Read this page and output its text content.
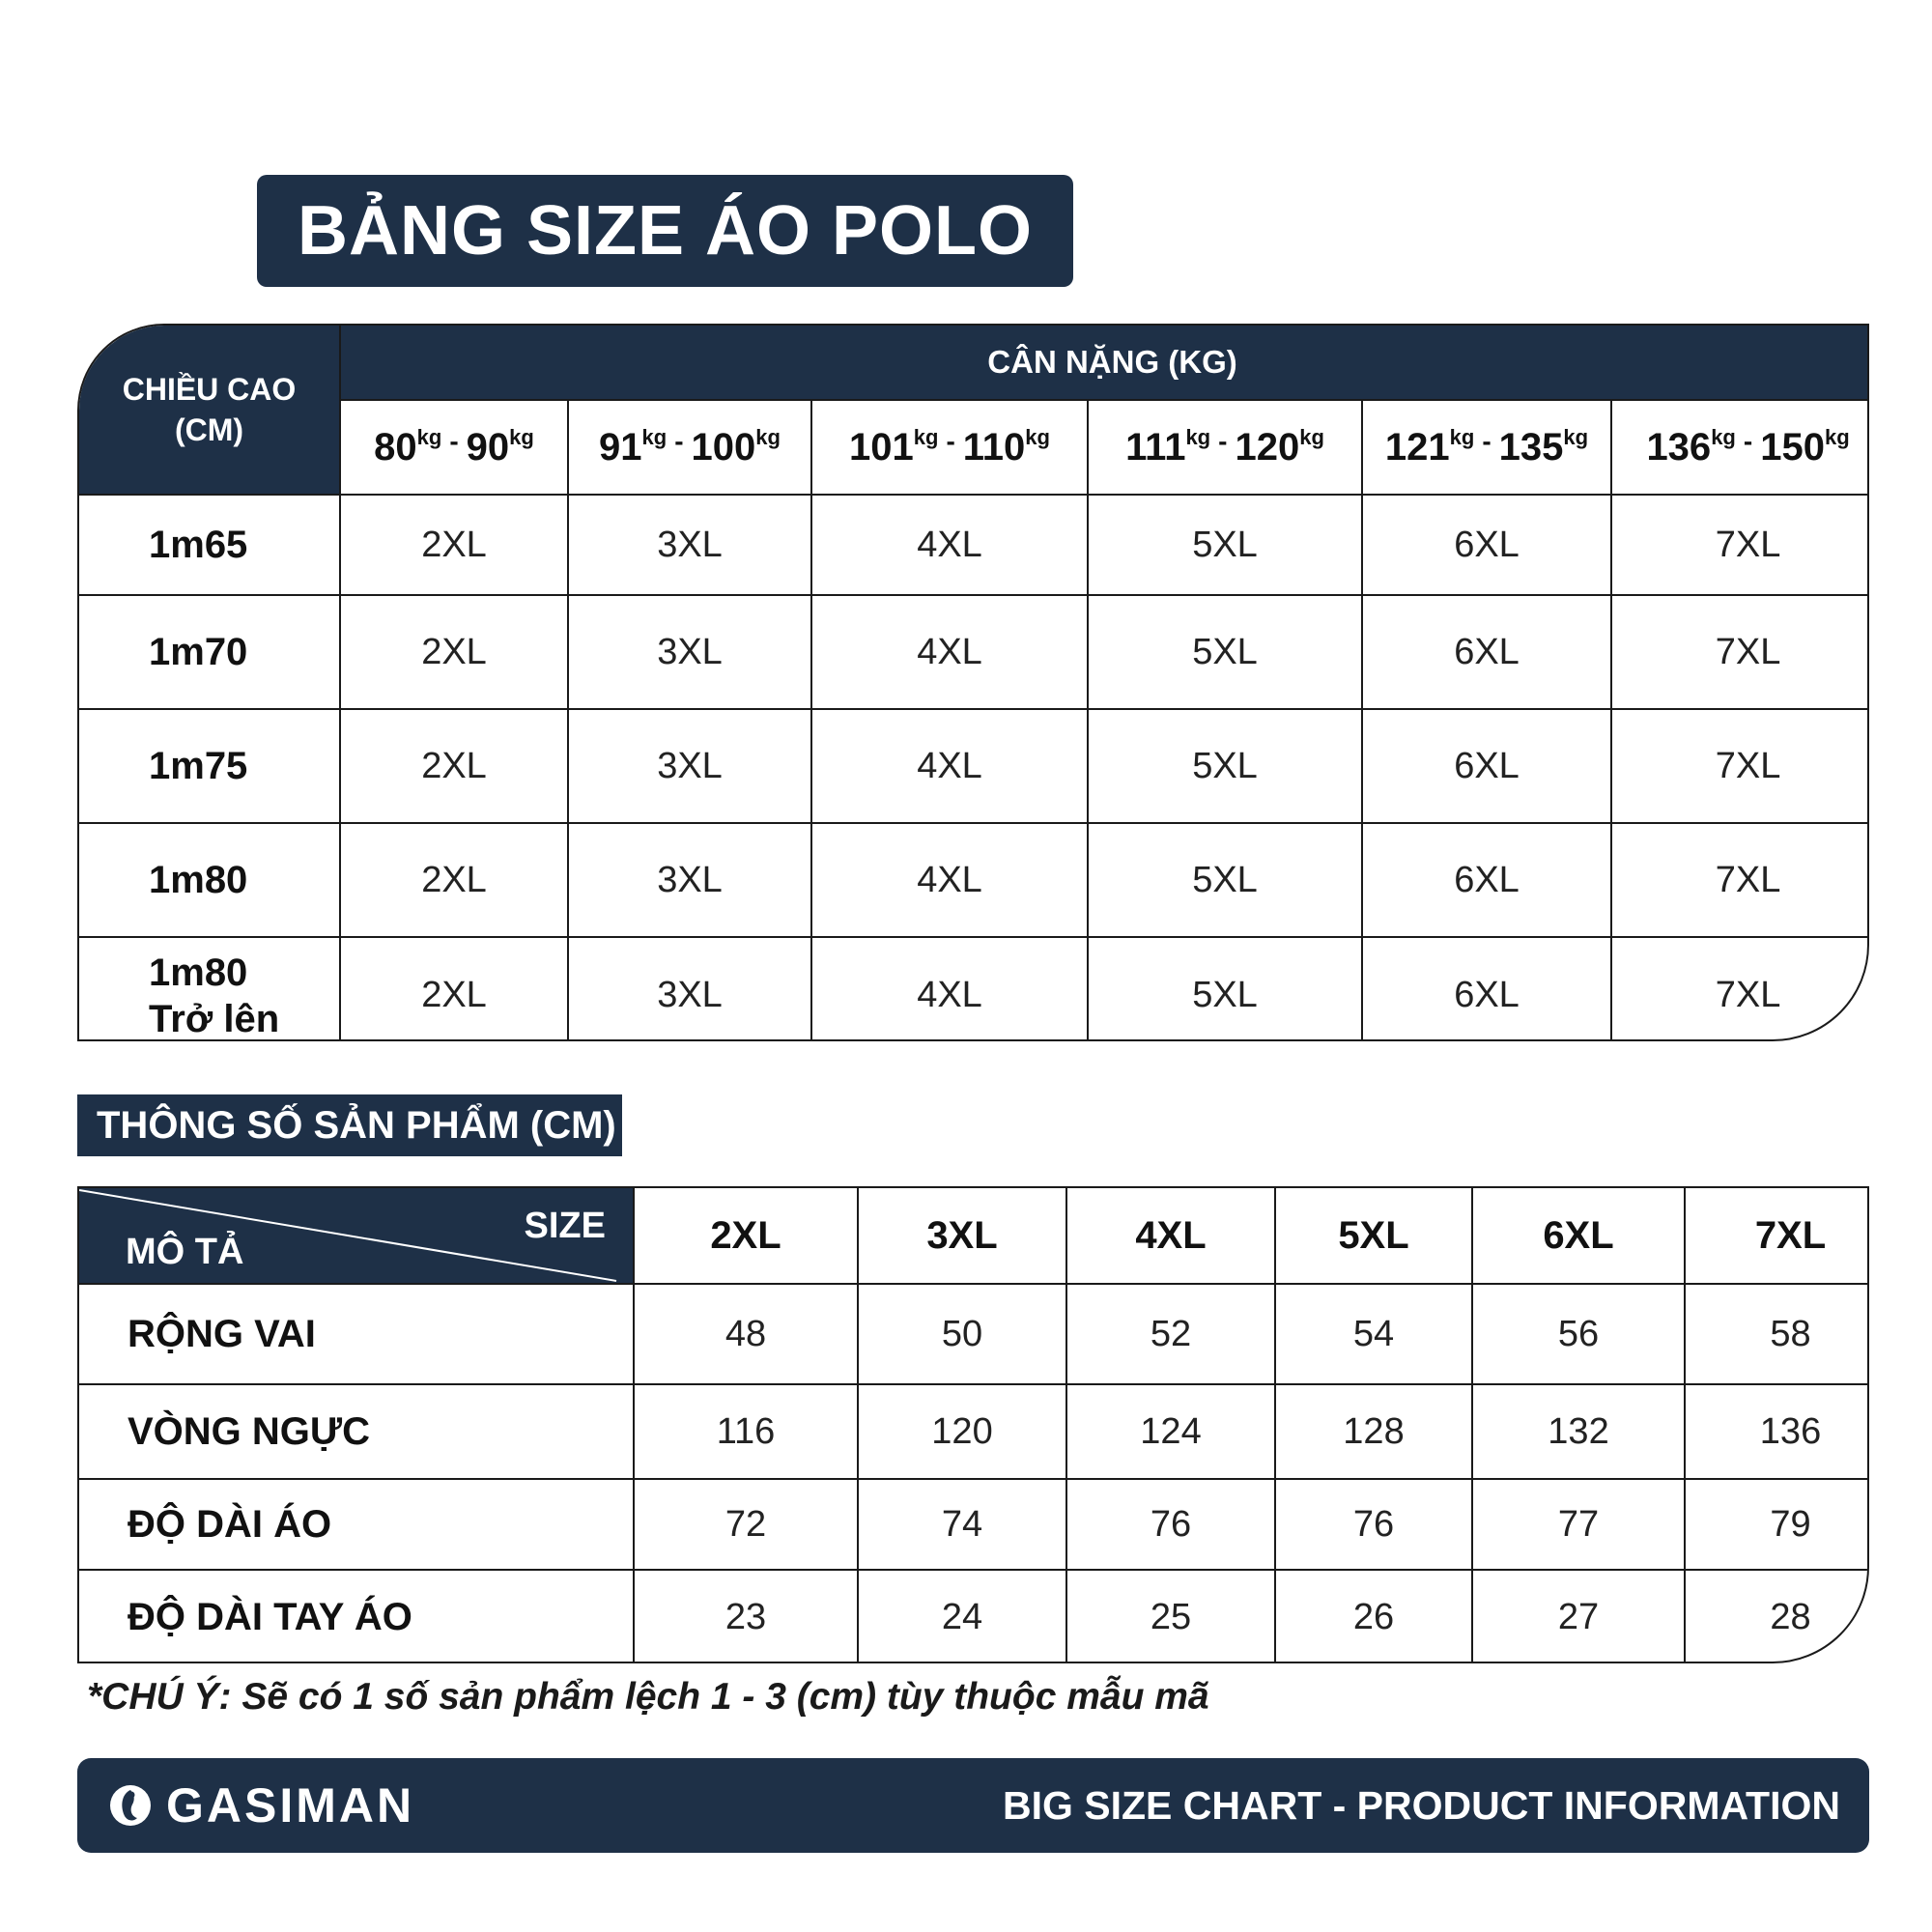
BẢNG SIZE ÁO POLO
CHIỀU CAO
(CM)	CÂN NẶNG (KG)					
	$80^{kg}$ - $90^{kg}$	$91^{kg}$ - $100^{kg}$	$101^{kg}$ - $110^{kg}$	$111^{kg}$ - $120^{kg}$	$121^{kg}$ - $135^{kg}$	$136^{kg}$ - $150^{kg}$

1m65	2XL	3XL	4XL	5XL	6XL	7XL

1m70	2XL	3XL	4XL	5XL	6XL	7XL

1m75	2XL	3XL	4XL	5XL	6XL	7XL

1m80	2XL	3XL	4XL	5XL	6XL	7XL

1m80
Trở lên	2XL	3XL	4XL	5XL	6XL	7XL
THÔNG SỐ SẢN PHẨM (CM)
SIZE
MÔ TẢ	2XL	3XL	4XL	5XL	6XL	7XL
RỘNG VAI	48	50	52	54	56	58
VÒNG NGỰC	116	120	124	128	132	136
ĐỘ DÀI ÁO	72	74	76	76	77	79
ĐỘ DÀI TAY ÁO	23	24	25	26	27	28
*CHÚ Ý: Sẽ có 1 số sản phẩm lệch 1 - 3 (cm) tùy thuộc mẫu mã
GASIMAN	BIG SIZE CHART - PRODUCT INFORMATION
